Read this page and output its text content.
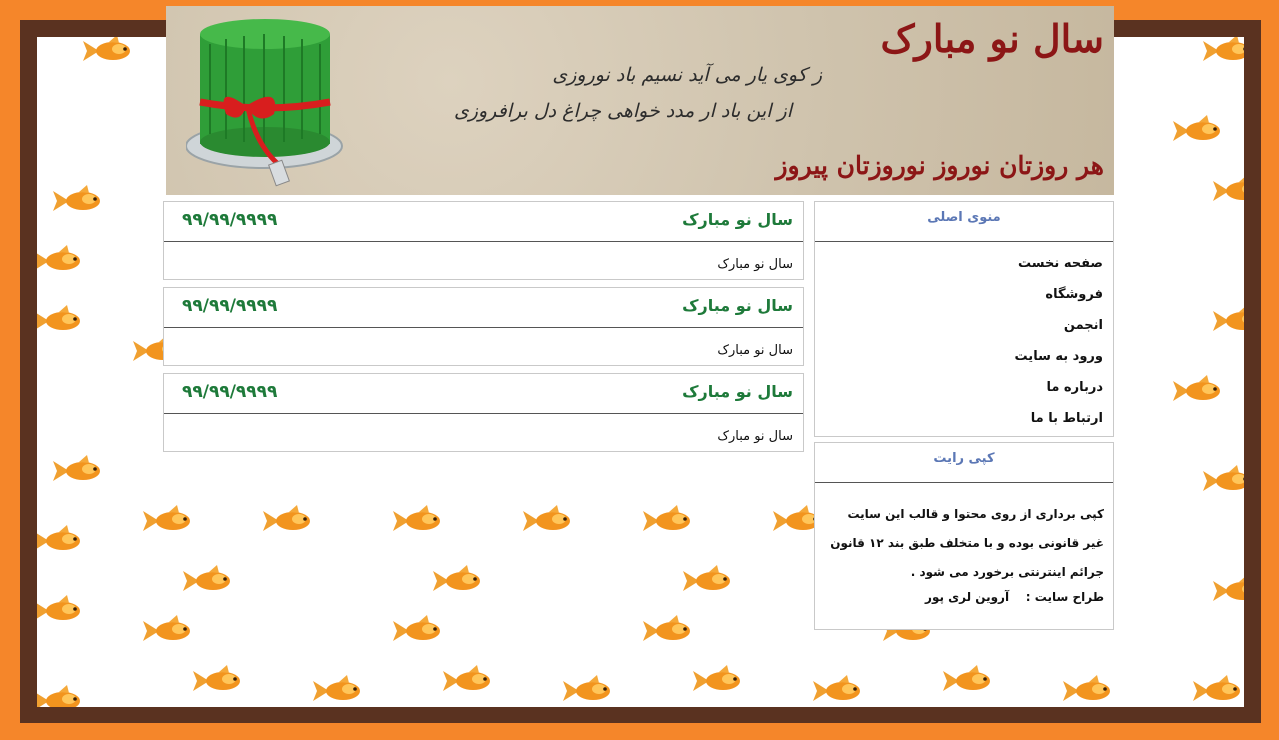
سال نو مبارک
ز کوی یار می آید نسیم باد نوروزی
از این باد ار مدد خواهی چراغ دل برافروزی
هر روزتان نوروز نوروزتان پیروز
سال نو مبارک
۹۹/۹۹/۹۹۹۹
سال نو مبارک
سال نو مبارک
۹۹/۹۹/۹۹۹۹
سال نو مبارک
سال نو مبارک
۹۹/۹۹/۹۹۹۹
سال نو مبارک
منوی اصلی
صفحه نخست
فروشگاه
انجمن
ورود به سایت
درباره ما
ارتباط با ما
کپی رایت
کپی برداری از روی محتوا و قالب این سایت غیر قانونی بوده و با متخلف طبق بند ۱۲ قانون جرائم اینترنتی برخورد می شود .
طراح سایت :    آروین لری پور
